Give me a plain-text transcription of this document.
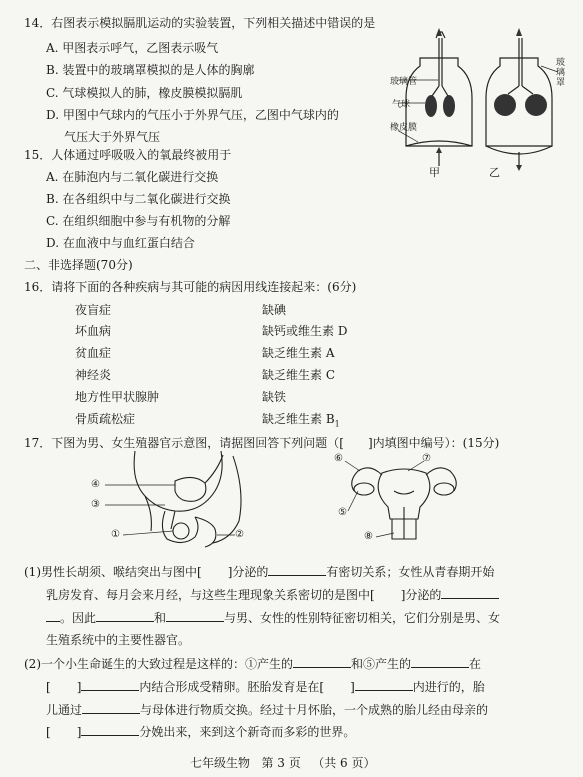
14．右图表示模拟膈肌运动的实验装置，下列相关描述中错误的是
A. 甲图表示呼气，乙图表示吸气
B. 装置中的玻璃罩模拟的是人体的胸廓
C. 气球模拟人的肺，橡皮膜模拟膈肌
D. 甲图中气球内的气压小于外界气压，乙图中气球内的
气压大于外界气压
玻璃管
气球
橡皮膜
玻璃罩
甲	乙
15．人体通过呼吸吸入的氧最终被用于
A. 在肺泡内与二氧化碳进行交换
B. 在各组织中与二氧化碳进行交换
C. 在组织细胞中参与有机物的分解
D. 在血液中与血红蛋白结合
二、非选择题(70分)
16．请将下面的各种疾病与其可能的病因用线连接起来：(6分)
夜盲症	缺碘
坏血病	缺钙或维生素 D
贫血症	缺乏维生素 A
神经炎	缺乏维生素 C
地方性甲状腺肿	缺铁
骨质疏松症	缺乏维生素 $B_1$
17．下图为男、女生殖器官示意图，请据图回答下列问题（[　　]内填图中编号）：(15分)
④
③
①	②
⑥	⑦
⑤
⑧
(1)男性长胡须、喉结突出与图中[ ]分泌的	有密切关系；女性从青春期开始
乳房发育、每月会来月经，与这些生理现象关系密切的是图中[ ]分泌的
。因此	和	与男、女性的性别特征密切相关，它们分别是男、女
生殖系统中的主要性器官。
(2)一个小生命诞生的大致过程是这样的：①产生的	和⑤产生的	在
[ ]	内结合形成受精卵。胚胎发育是在[ ]	内进行的，胎
儿通过	与母体进行物质交换。经过十月怀胎，一个成熟的胎儿经由母亲的
[ ]	分娩出来，来到这个新奇而多彩的世界。
七年级生物 第 3 页 （共 6 页）
